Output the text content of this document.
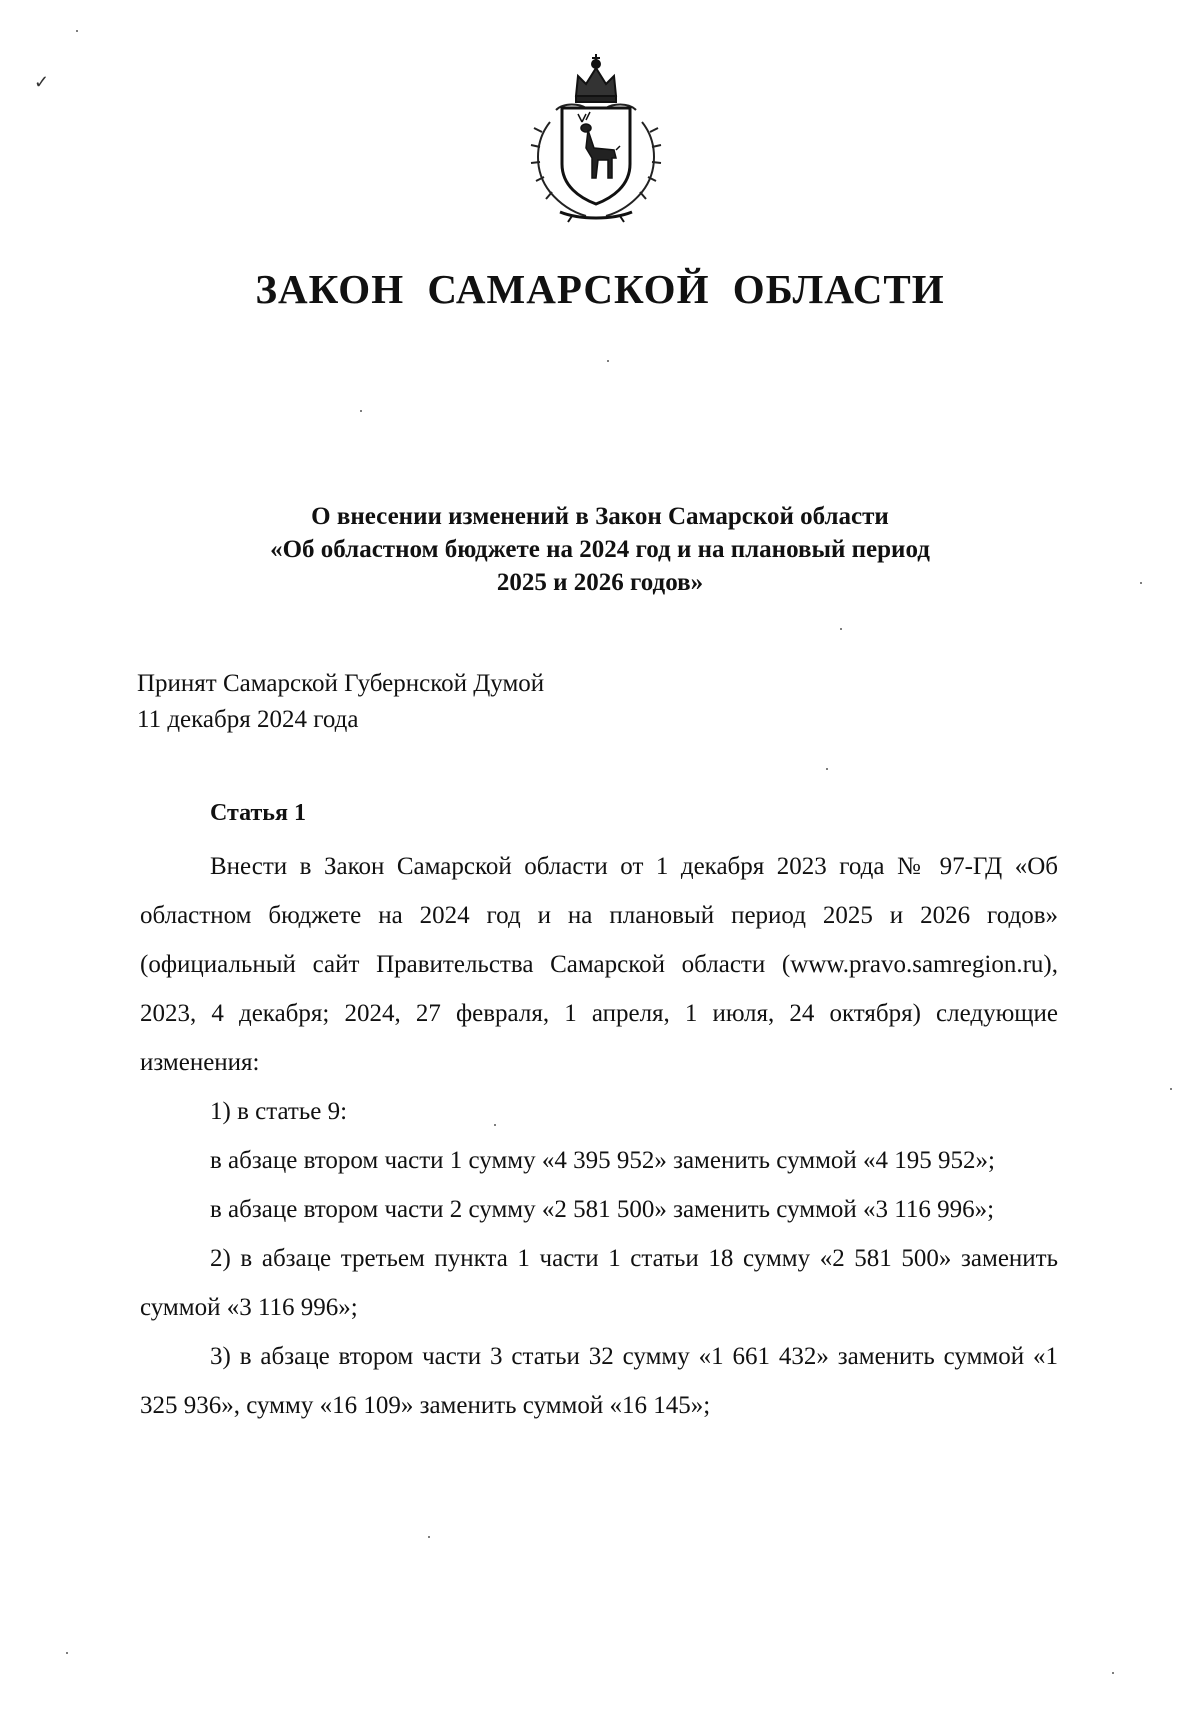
ЗАКОН САМАРСКОЙ ОБЛАСТИ
О внесении изменений в Закон Самарской области
«Об областном бюджете на 2024 год и на плановый период
2025 и 2026 годов»
Принят Самарской Губернской Думой
11 декабря 2024 года
Статья 1

Внести в Закон Самарской области от 1 декабря 2023 года № 97-ГД «Об областном бюджете на 2024 год и на плановый период 2025 и 2026 годов» (официальный сайт Правительства Самарской области (www.pravo.samregion.ru), 2023, 4 декабря; 2024, 27 февраля, 1 апреля, 1 июля, 24 октября) следующие изменения:

1) в статье 9:

в абзаце втором части 1 сумму «4 395 952» заменить суммой «4 195 952»;

в абзаце втором части 2 сумму «2 581 500» заменить суммой «3 116 996»;

2) в абзаце третьем пункта 1 части 1 статьи 18 сумму «2 581 500» заменить суммой «3 116 996»;

3) в абзаце втором части 3 статьи 32 сумму «1 661 432» заменить суммой «1 325 936», сумму «16 109» заменить суммой «16 145»;

✓
